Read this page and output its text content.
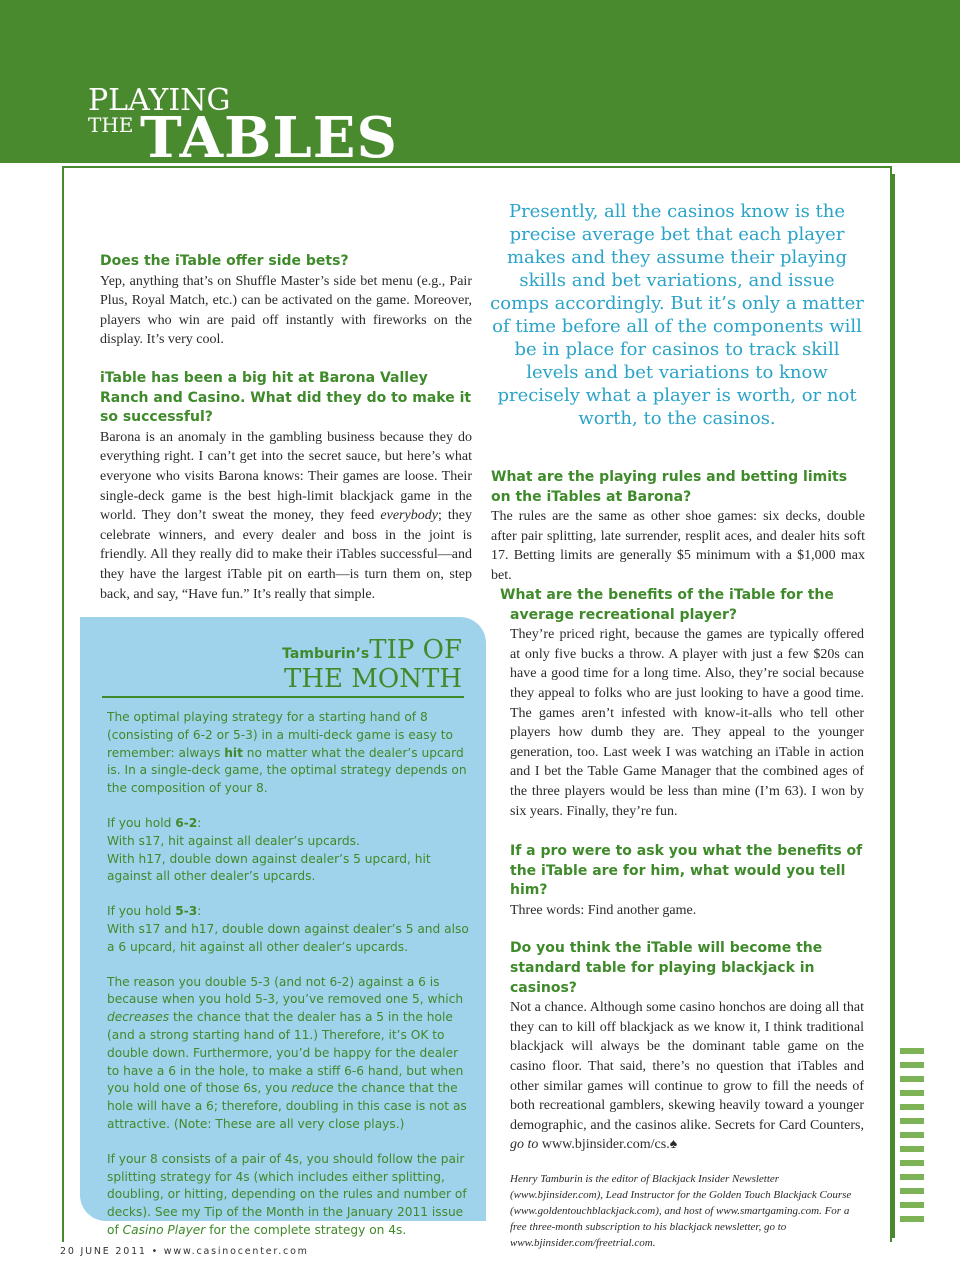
PLAYING
THE TABLES
Does the iTable offer side bets?
Yep, anything that’s on Shuffle Master’s side bet menu (e.g., Pair Plus, Royal Match, etc.) can be activated on the game. Moreover, players who win are paid off instantly with fireworks on the display. It’s very cool.
iTable has been a big hit at Barona Valley Ranch and Casino. What did they do to make it so successful?
Barona is an anomaly in the gambling business because they do everything right. I can’t get into the secret sauce, but here’s what everyone who visits Barona knows: Their games are loose. Their single-deck game is the best high-limit blackjack game in the world. They don’t sweat the money, they feed everybody; they celebrate winners, and every dealer and boss in the joint is friendly. All they really did to make their iTables successful—and they have the largest iTable pit on earth—is turn them on, step back, and say, “Have fun.” It’s really that simple.
Presently, all the casinos know is the precise average bet that each player makes and they assume their playing skills and bet variations, and issue comps accordingly. But it’s only a matter of time before all of the components will be in place for casinos to track skill levels and bet variations to know precisely what a player is worth, or not worth, to the casinos.
What are the playing rules and betting limits on the iTables at Barona?
The rules are the same as other shoe games: six decks, double after pair splitting, late surrender, resplit aces, and dealer hits soft 17. Betting limits are generally $5 minimum with a $1,000 max bet.
What are the benefits of the iTable for the average recreational player?
They’re priced right, because the games are typically offered at only five bucks a throw. A player with just a few $20s can have a good time for a long time. Also, they’re social because they appeal to folks who are just looking to have a good time. The games aren’t infested with know-it-alls who tell other players how dumb they are. They appeal to the younger generation, too. Last week I was watching an iTable in action and I bet the Table Game Manager that the combined ages of the three players would be less than mine (I’m 63). I won by six years. Finally, they’re fun.
If a pro were to ask you what the benefits of the iTable are for him, what would you tell him?
Three words: Find another game.
Do you think the iTable will become the standard table for playing blackjack in casinos?
Not a chance. Although some casino honchos are doing all that they can to kill off blackjack as we know it, I think traditional blackjack will always be the dominant table game on the casino floor. That said, there’s no question that iTables and other similar games will continue to grow to fill the needs of both recreational gamblers, skewing heavily toward a younger demographic, and the casinos alike. Secrets for Card Counters, go to www.bjinsider.com/cs.♠
Henry Tamburin is the editor of Blackjack Insider Newsletter (www.bjinsider.com), Lead Instructor for the Golden Touch Blackjack Course (www.goldentouchblackjack.com), and host of www.smartgaming.com. For a free three-month subscription to his blackjack newsletter, go to www.bjinsider.com/freetrial.com.
Tamburin’sTIP OF
THE MONTH

The optimal playing strategy for a starting hand of 8 (consisting of 6-2 or 5-3) in a multi-deck game is easy to remember: always hit no matter what the dealer’s upcard is. In a single-deck game, the optimal strategy depends on the composition of your 8.

If you hold 6-2:
With s17, hit against all dealer’s upcards.
With h17, double down against dealer’s 5 upcard, hit against all other dealer’s upcards.

If you hold 5-3:
With s17 and h17, double down against dealer’s 5 and also a 6 upcard, hit against all other dealer’s upcards.

The reason you double 5-3 (and not 6-2) against a 6 is because when you hold 5-3, you’ve removed one 5, which decreases the chance that the dealer has a 5 in the hole (and a strong starting hand of 11.) Therefore, it’s OK to double down. Furthermore, you’d be happy for the dealer to have a 6 in the hole, to make a stiff 6-6 hand, but when you hold one of those 6s, you reduce the chance that the hole will have a 6; therefore, doubling in this case is not as attractive. (Note: These are all very close plays.)

If your 8 consists of a pair of 4s, you should follow the pair splitting strategy for 4s (which includes either splitting, doubling, or hitting, depending on the rules and number of decks). See my Tip of the Month in the January 2011 issue of Casino Player for the complete strategy on 4s.

20 JUNE 2011 • www.casinocenter.com
